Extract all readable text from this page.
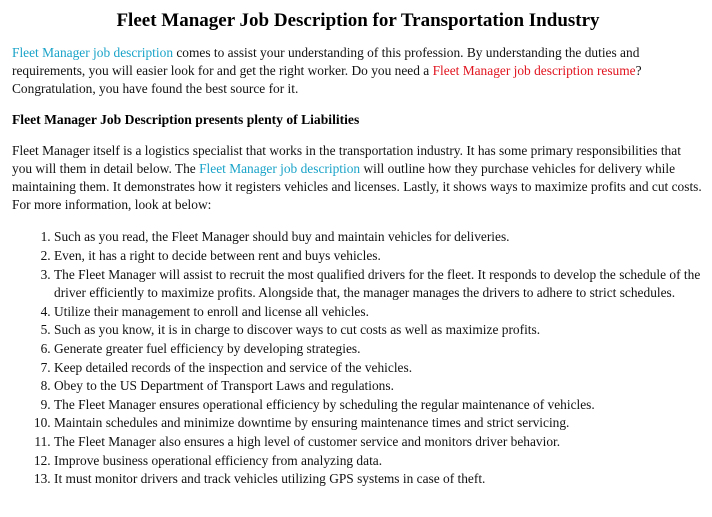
Fleet Manager Job Description for Transportation Industry

Fleet Manager job description comes to assist your understanding of this profession. By understanding the duties and requirements, you will easier look for and get the right worker. Do you need a Fleet Manager job description resume? Congratulation, you have found the best source for it.

Fleet Manager Job Description presents plenty of Liabilities

Fleet Manager itself is a logistics specialist that works in the transportation industry. It has some primary responsibilities that you will them in detail below. The Fleet Manager job description will outline how they purchase vehicles for delivery while maintaining them. It demonstrates how it registers vehicles and licenses. Lastly, it shows ways to maximize profits and cut costs. For more information, look at below:

1. Such as you read, the Fleet Manager should buy and maintain vehicles for deliveries.
2. Even, it has a right to decide between rent and buys vehicles.
3. The Fleet Manager will assist to recruit the most qualified drivers for the fleet. It responds to develop the schedule of the driver efficiently to maximize profits. Alongside that, the manager manages the drivers to adhere to strict schedules.
4. Utilize their management to enroll and license all vehicles.
5. Such as you know, it is in charge to discover ways to cut costs as well as maximize profits.
6. Generate greater fuel efficiency by developing strategies.
7. Keep detailed records of the inspection and service of the vehicles.
8. Obey to the US Department of Transport Laws and regulations.
9. The Fleet Manager ensures operational efficiency by scheduling the regular maintenance of vehicles.
10. Maintain schedules and minimize downtime by ensuring maintenance times and strict servicing.
11. The Fleet Manager also ensures a high level of customer service and monitors driver behavior.
12. Improve business operational efficiency from analyzing data.
13. It must monitor drivers and track vehicles utilizing GPS systems in case of theft.
